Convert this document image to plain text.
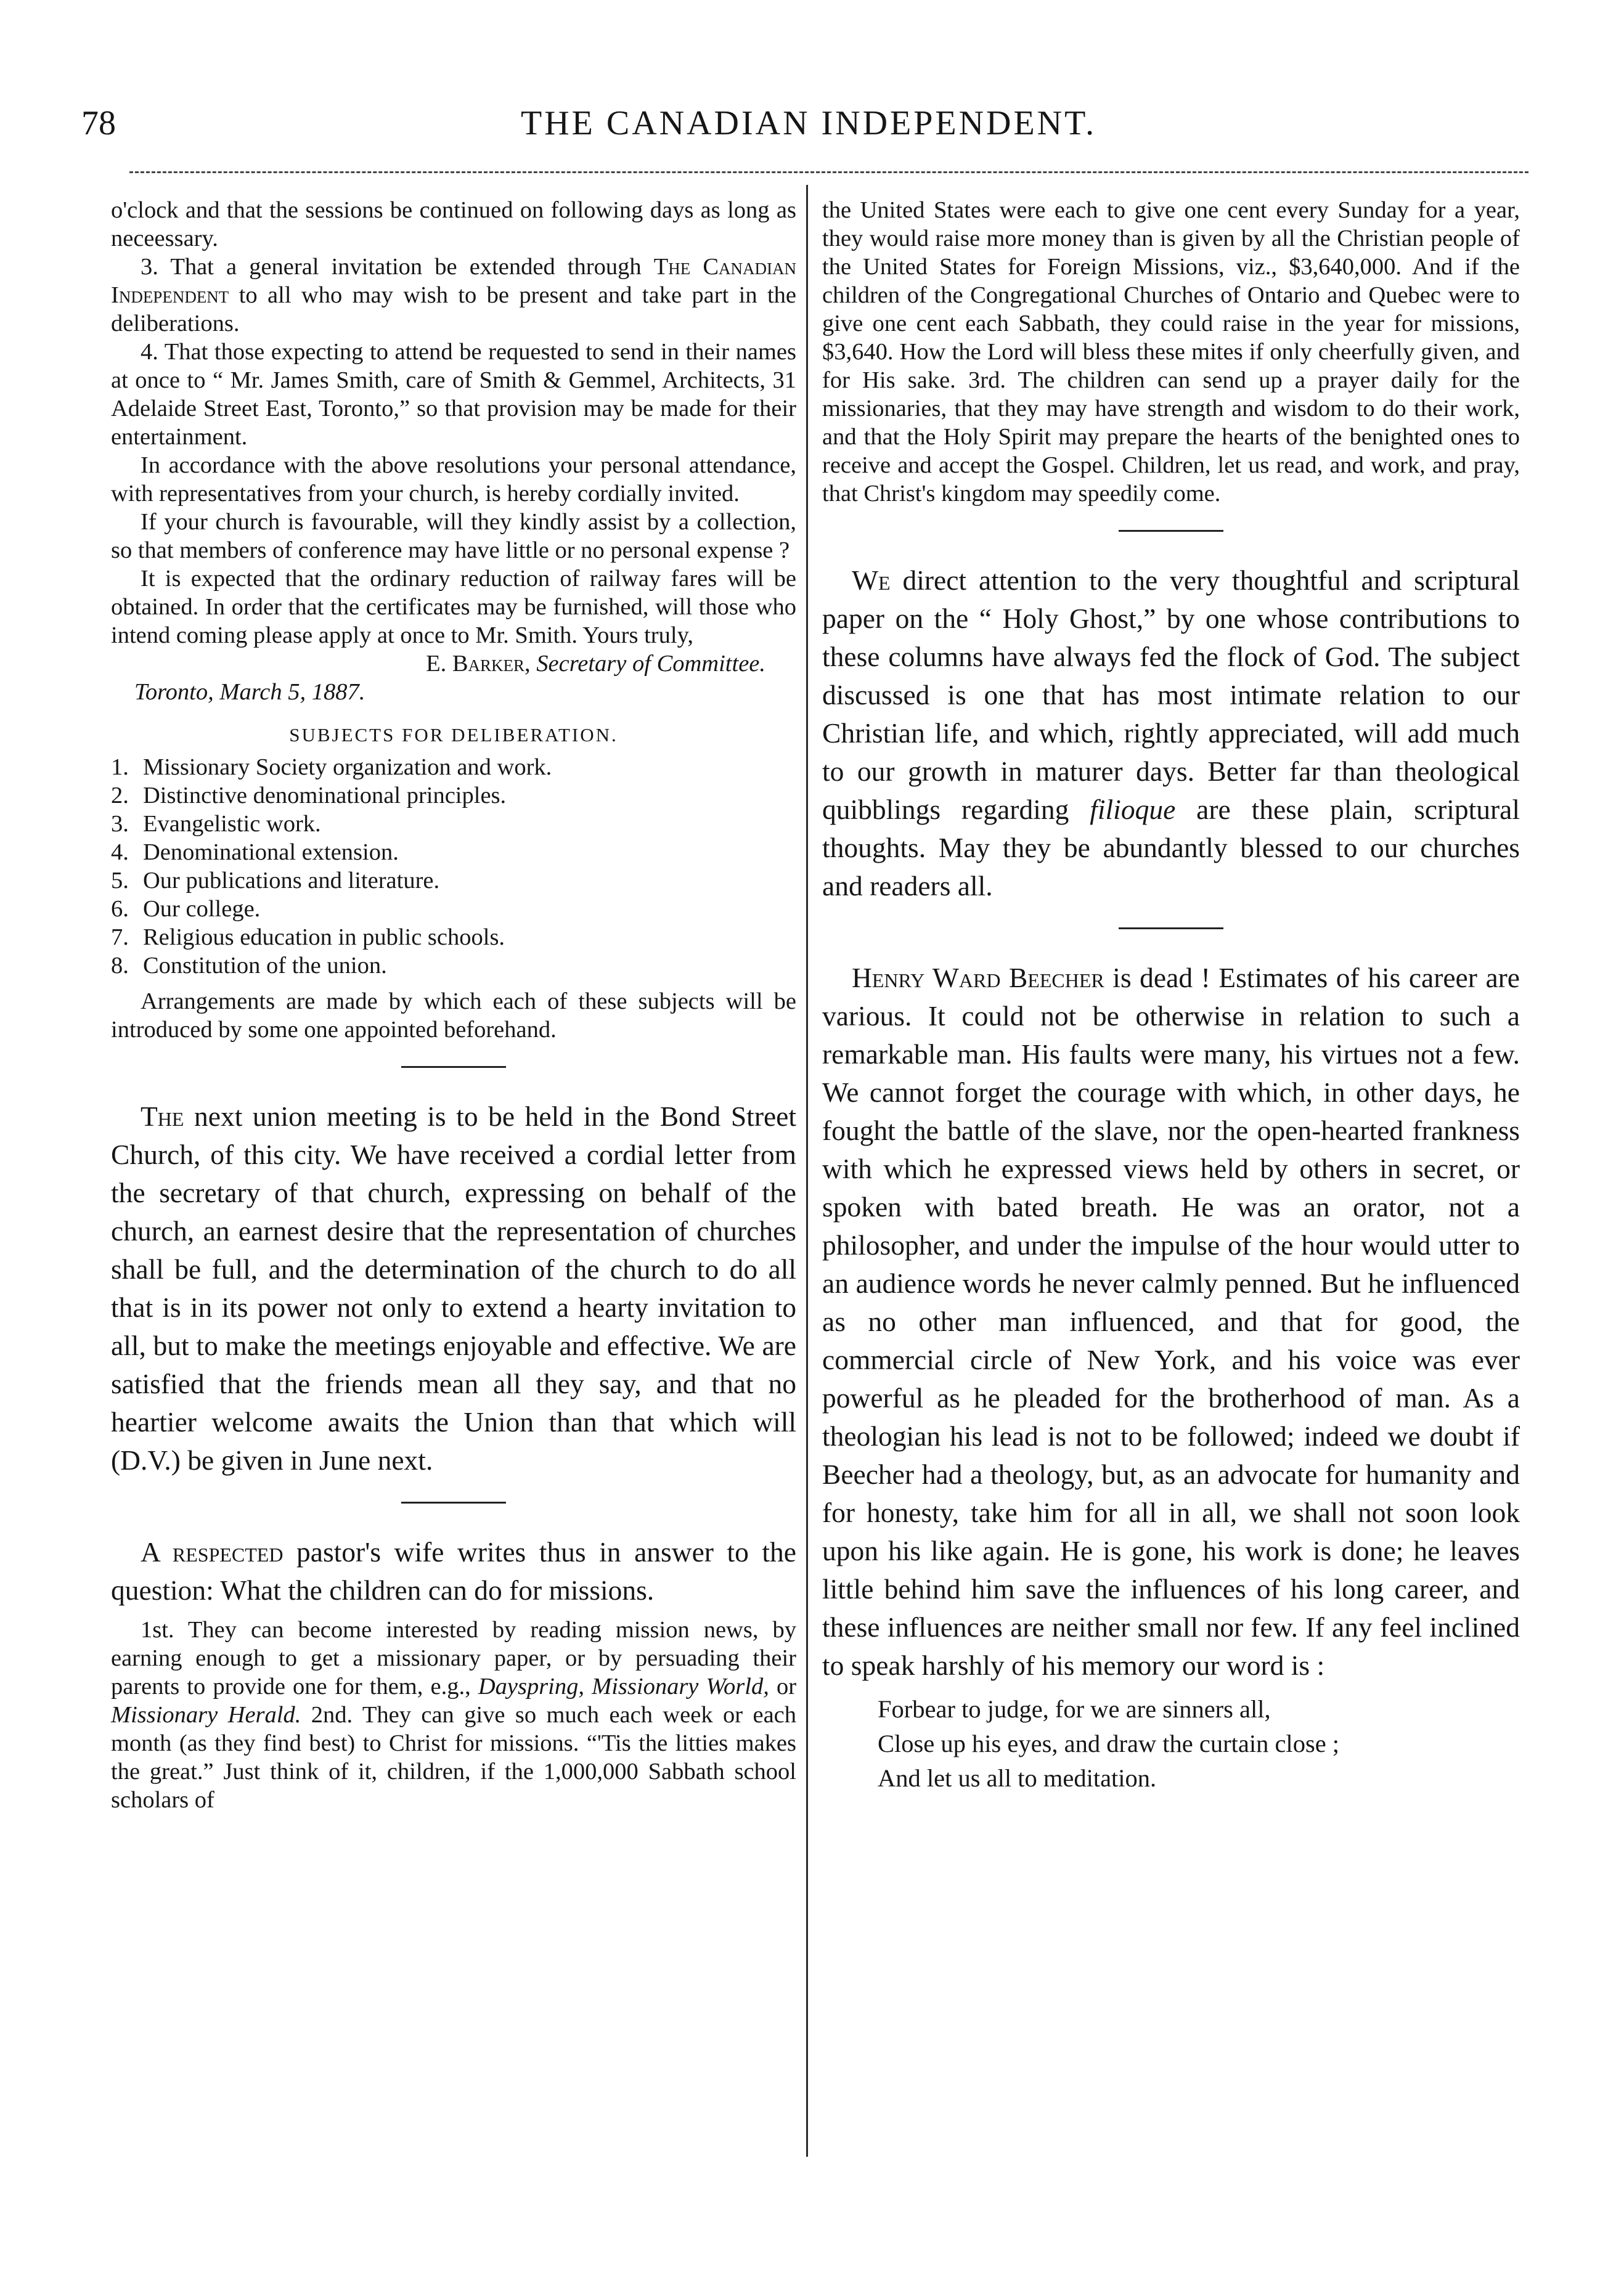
78	THE CANADIAN INDEPENDENT.

o'clock and that the sessions be continued on following days as long as neceessary.

3. That a general invitation be extended through The Canadian Independent to all who may wish to be present and take part in the deliberations.

4. That those expecting to attend be requested to send in their names at once to “ Mr. James Smith, care of Smith & Gemmel, Architects, 31 Adelaide Street East, Toronto,” so that provision may be made for their entertainment.

In accordance with the above resolutions your personal attendance, with representatives from your church, is hereby cordially invited.

If your church is favourable, will they kindly assist by a collection, so that members of conference may have little or no personal expense ?

It is expected that the ordinary reduction of railway fares will be obtained. In order that the certificates may be furnished, will those who intend coming please apply at once to Mr. Smith. Yours truly,

E. Barker, Secretary of Committee.

Toronto, March 5, 1887.

SUBJECTS FOR DELIBERATION.
1. Missionary Society organization and work.
2. Distinctive denominational principles.
3. Evangelistic work.
4. Denominational extension.
5. Our publications and literature.
6. Our college.
7. Religious education in public schools.
8. Constitution of the union.

Arrangements are made by which each of these subjects will be introduced by some one appointed beforehand.

The next union meeting is to be held in the Bond Street Church, of this city. We have received a cordial letter from the secretary of that church, expressing on behalf of the church, an earnest desire that the representation of churches shall be full, and the determination of the church to do all that is in its power not only to extend a hearty invitation to all, but to make the meetings enjoyable and effective. We are satisfied that the friends mean all they say, and that no heartier welcome awaits the Union than that which will (D.V.) be given in June next.

A respected pastor's wife writes thus in answer to the question: What the children can do for missions.

1st. They can become interested by reading mission news, by earning enough to get a missionary paper, or by persuading their parents to provide one for them, e.g., Dayspring, Missionary World, or Missionary Herald. 2nd. They can give so much each week or each month (as they find best) to Christ for missions. “'Tis the litties makes the great.” Just think of it, children, if the 1,000,000 Sabbath school scholars of

the United States were each to give one cent every Sunday for a year, they would raise more money than is given by all the Christian people of the United States for Foreign Missions, viz., $3,640,000. And if the children of the Congregational Churches of Ontario and Quebec were to give one cent each Sabbath, they could raise in the year for missions, $3,640. How the Lord will bless these mites if only cheerfully given, and for His sake. 3rd. The children can send up a prayer daily for the missionaries, that they may have strength and wisdom to do their work, and that the Holy Spirit may prepare the hearts of the benighted ones to receive and accept the Gospel. Children, let us read, and work, and pray, that Christ's kingdom may speedily come.

We direct attention to the very thoughtful and scriptural paper on the “ Holy Ghost,” by one whose contributions to these columns have always fed the flock of God. The subject discussed is one that has most intimate relation to our Christian life, and which, rightly appreciated, will add much to our growth in maturer days. Better far than theological quibblings regarding filioque are these plain, scriptural thoughts. May they be abundantly blessed to our churches and readers all.

Henry Ward Beecher is dead ! Estimates of his career are various. It could not be otherwise in relation to such a remarkable man. His faults were many, his virtues not a few. We cannot forget the courage with which, in other days, he fought the battle of the slave, nor the open-hearted frankness with which he expressed views held by others in secret, or spoken with bated breath. He was an orator, not a philosopher, and under the impulse of the hour would utter to an audience words he never calmly penned. But he influenced as no other man influenced, and that for good, the commercial circle of New York, and his voice was ever powerful as he pleaded for the brotherhood of man. As a theologian his lead is not to be followed; indeed we doubt if Beecher had a theology, but, as an advocate for humanity and for honesty, take him for all in all, we shall not soon look upon his like again. He is gone, his work is done; he leaves little behind him save the influences of his long career, and these influences are neither small nor few. If any feel inclined to speak harshly of his memory our word is :

Forbear to judge, for we are sinners all,
Close up his eyes, and draw the curtain close ;
And let us all to meditation.
